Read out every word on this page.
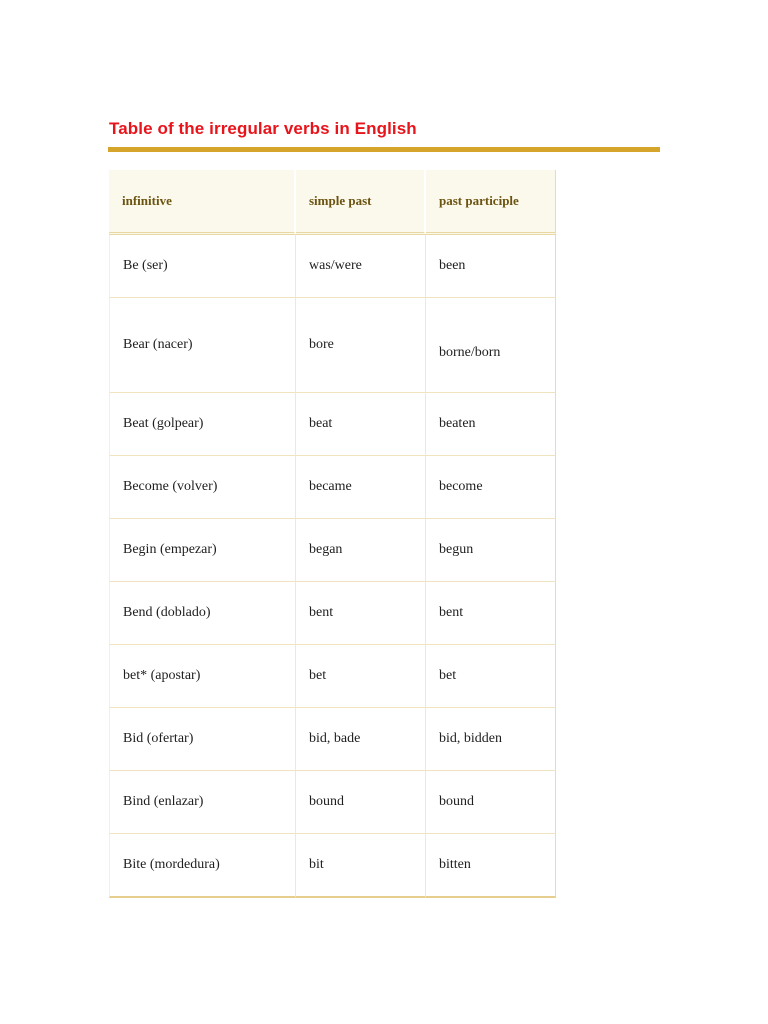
Table of the irregular verbs in English
infinitive	simple past	past participle
Be (ser)	was/were	been
Bear (nacer)	bore	borne/born
Beat (golpear)	beat	beaten
Become (volver)	became	become
Begin (empezar)	began	begun
Bend (doblado)	bent	bent
bet* (apostar)	bet	bet
Bid (ofertar)	bid, bade	bid, bidden
Bind (enlazar)	bound	bound
Bite (mordedura)	bit	bitten
